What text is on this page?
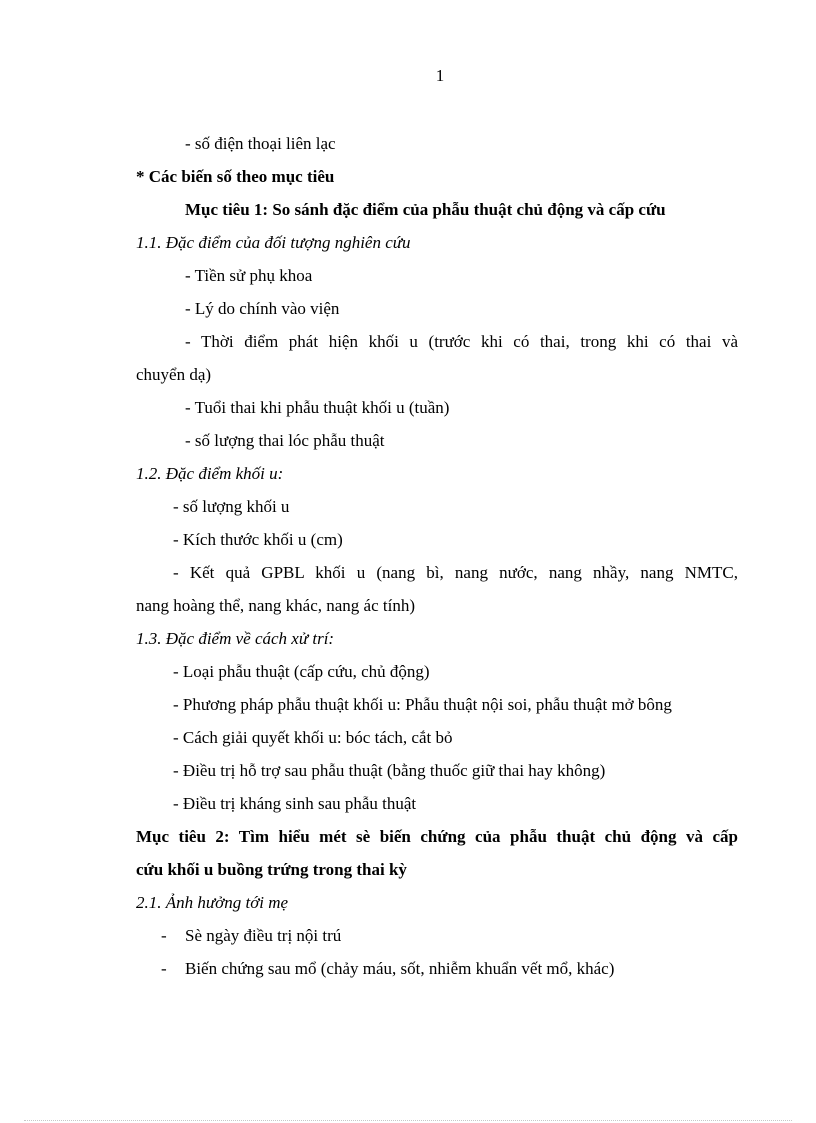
1
- số điện thoại liên lạc
* Các biến số theo mục tiêu
Mục tiêu 1: So sánh đặc điểm của phẫu thuật chủ động và cấp cứu
1.1. Đặc điểm của đối tượng nghiên cứu
- Tiền sử phụ khoa
- Lý do chính vào viện
- Thời điểm phát hiện khối u (trước khi có thai, trong khi có thai và
chuyển dạ)
- Tuổi thai khi phẫu thuật khối u (tuần)
- số lượng thai lóc phẫu thuật
1.2. Đặc điểm khối u:
- số lượng khối u
- Kích thước khối u (cm)
- Kết quả GPBL khối u (nang bì, nang nước, nang nhầy, nang NMTC,
nang hoàng thể, nang khác, nang ác tính)
1.3. Đặc điểm về cách xử trí:
- Loại phẫu thuật (cấp cứu, chủ động)
- Phương pháp phẫu thuật khối u: Phẫu thuật nội soi, phẫu thuật mở bông
- Cách giải quyết khối u: bóc tách, cắt bỏ
- Điều trị hỗ trợ sau phẫu thuật (bằng thuốc giữ thai hay không)
- Điều trị kháng sinh sau phẫu thuật
Mục tiêu 2: Tìm hiểu mét sè biến chứng của phẫu thuật chủ động và cấp
cứu khối u buồng trứng trong thai kỳ
2.1. Ảnh hưởng tới mẹ
- Sè ngày điều trị nội trú
- Biến chứng sau mổ (chảy máu, sốt, nhiễm khuẩn vết mổ, khác)
